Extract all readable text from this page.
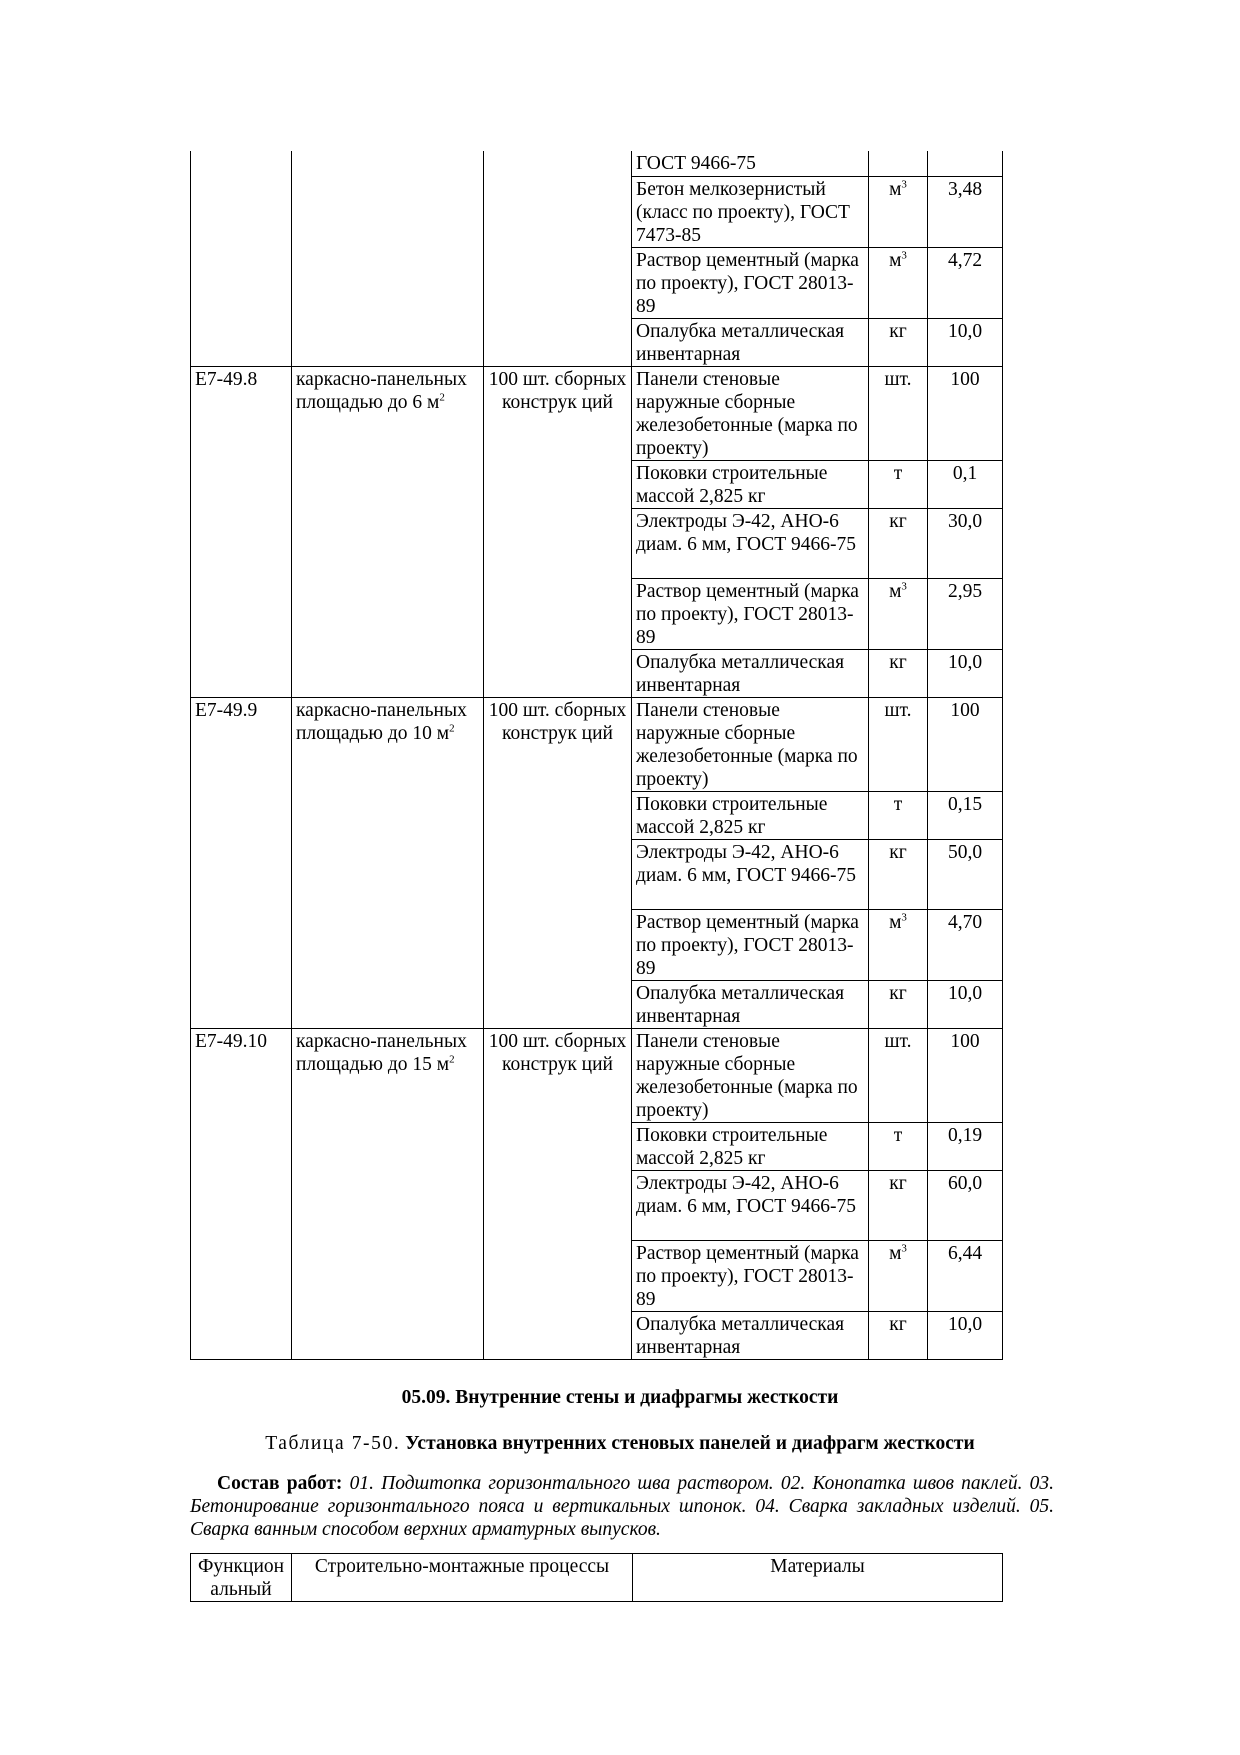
			ГОСТ 9466-75		
			Бетон мелкозернистый (класс по проекту), ГОСТ 7473-85	$м^3$	3,48
			Раствор цементный (марка по проекту), ГОСТ 28013-89	$м^3$	4,72
			Опалубка металлическая инвентарная	кг	10,0
Е7-49.8	каркасно-панельных площадью до 6 $м^2$	100 шт. сборных конструк ций	Панели стеновые наружные сборные железобетонные (марка по проекту)	шт.	100
			Поковки строительные массой 2,825 кг	т	0,1
			Электроды Э-42, АНО-6 диам. 6 мм, ГОСТ 9466-75	кг	30,0
			Раствор цементный (марка по проекту), ГОСТ 28013-89	$м^3$	2,95
			Опалубка металлическая инвентарная	кг	10,0
Е7-49.9	каркасно-панельных площадью до 10 $м^2$	100 шт. сборных конструк ций	Панели стеновые наружные сборные железобетонные (марка по проекту)	шт.	100
			Поковки строительные массой 2,825 кг	т	0,15
			Электроды Э-42, АНО-6 диам. 6 мм, ГОСТ 9466-75	кг	50,0
			Раствор цементный (марка по проекту), ГОСТ 28013-89	$м^3$	4,70
			Опалубка металлическая инвентарная	кг	10,0
Е7-49.10	каркасно-панельных площадью до 15 $м^2$	100 шт. сборных конструк ций	Панели стеновые наружные сборные железобетонные (марка по проекту)	шт.	100
			Поковки строительные массой 2,825 кг	т	0,19
			Электроды Э-42, АНО-6 диам. 6 мм, ГОСТ 9466-75	кг	60,0
			Раствор цементный (марка по проекту), ГОСТ 28013-89	$м^3$	6,44
			Опалубка металлическая инвентарная	кг	10,0
05.09. Внутренние стены и диафрагмы жесткости
Таблица 7-50. Установка внутренних стеновых панелей и диафрагм жесткости
Состав работ: 01. Подштопка горизонтального шва раствором. 02. Конопатка швов паклей. 03. Бетонирование горизонтального пояса и вертикальных шпонок. 04. Сварка закладных изделий. 05. Сварка ванным способом верхних арматурных выпусков.
Функцион альный	Строительно-монтажные процессы	Материалы
